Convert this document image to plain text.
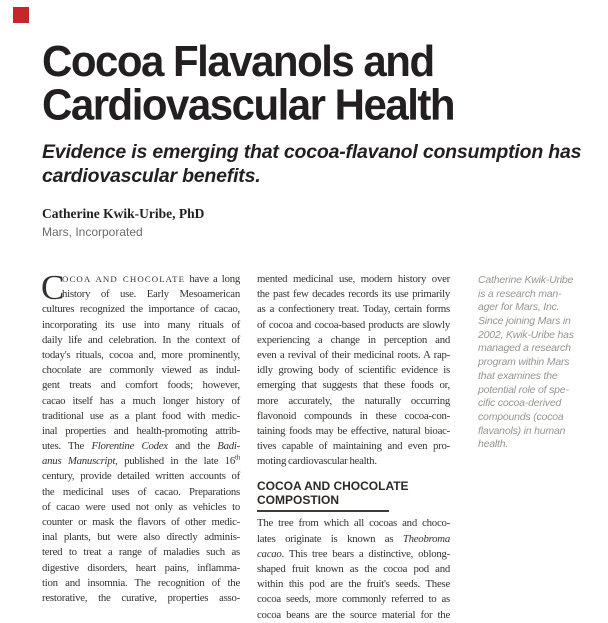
Cocoa Flavanols and
Cardiovascular Health
Evidence is emerging that cocoa-flavanol consumption has
cardiovascular benefits.
Catherine Kwik-Uribe, PhD
Mars, Incorporated
C
OCOA AND CHOCOLATE have a long
history of use. Early Mesoamerican
cultures recognized the importance of cacao,
incorporating its use into many rituals of
daily life and celebration. In the context of
today's rituals, cocoa and, more prominently,
chocolate are commonly viewed as indul-
gent treats and comfort foods; however,
cacao itself has a much longer history of
traditional use as a plant food with medic-
inal properties and health-promoting attrib-
utes. The Florentine Codex and the Badi-
anus Manuscript, published in the late 16th
century, provide detailed written accounts of
the medicinal uses of cacao. Preparations
of cacao were used not only as vehicles to
counter or mask the flavors of other medic-
inal plants, but were also directly adminis-
tered to treat a range of maladies such as
digestive disorders, heart pains, inflamma-
tion and insomnia. The recognition of the
restorative, the curative, properties asso-
mented medicinal use, modern history over
the past few decades records its use primarily
as a confectionery treat. Today, certain forms
of cocoa and cocoa-based products are slowly
experiencing a change in perception and
even a revival of their medicinal roots. A rap-
idly growing body of scientific evidence is
emerging that suggests that these foods or,
more accurately, the naturally occurring
flavonoid compounds in these cocoa-con-
taining foods may be effective, natural bioac-
tives capable of maintaining and even pro-
moting cardiovascular health.
COCOA AND CHOCOLATE
COMPOSTION
The tree from which all cocoas and choco-
lates originate is known as Theobroma
cacao. This tree bears a distinctive, oblong-
shaped fruit known as the cocoa pod and
within this pod are the fruit's seeds. These
cocoa seeds, more commonly referred to as
cocoa beans are the source material for the
Catherine Kwik-Uribe
is a research man-
ager for Mars, Inc.
Since joining Mars in
2002, Kwik-Uribe has
managed a research
program within Mars
that examines the
potential role of spe-
cific cocoa-derived
compounds (cocoa
flavanols) in human
health.
